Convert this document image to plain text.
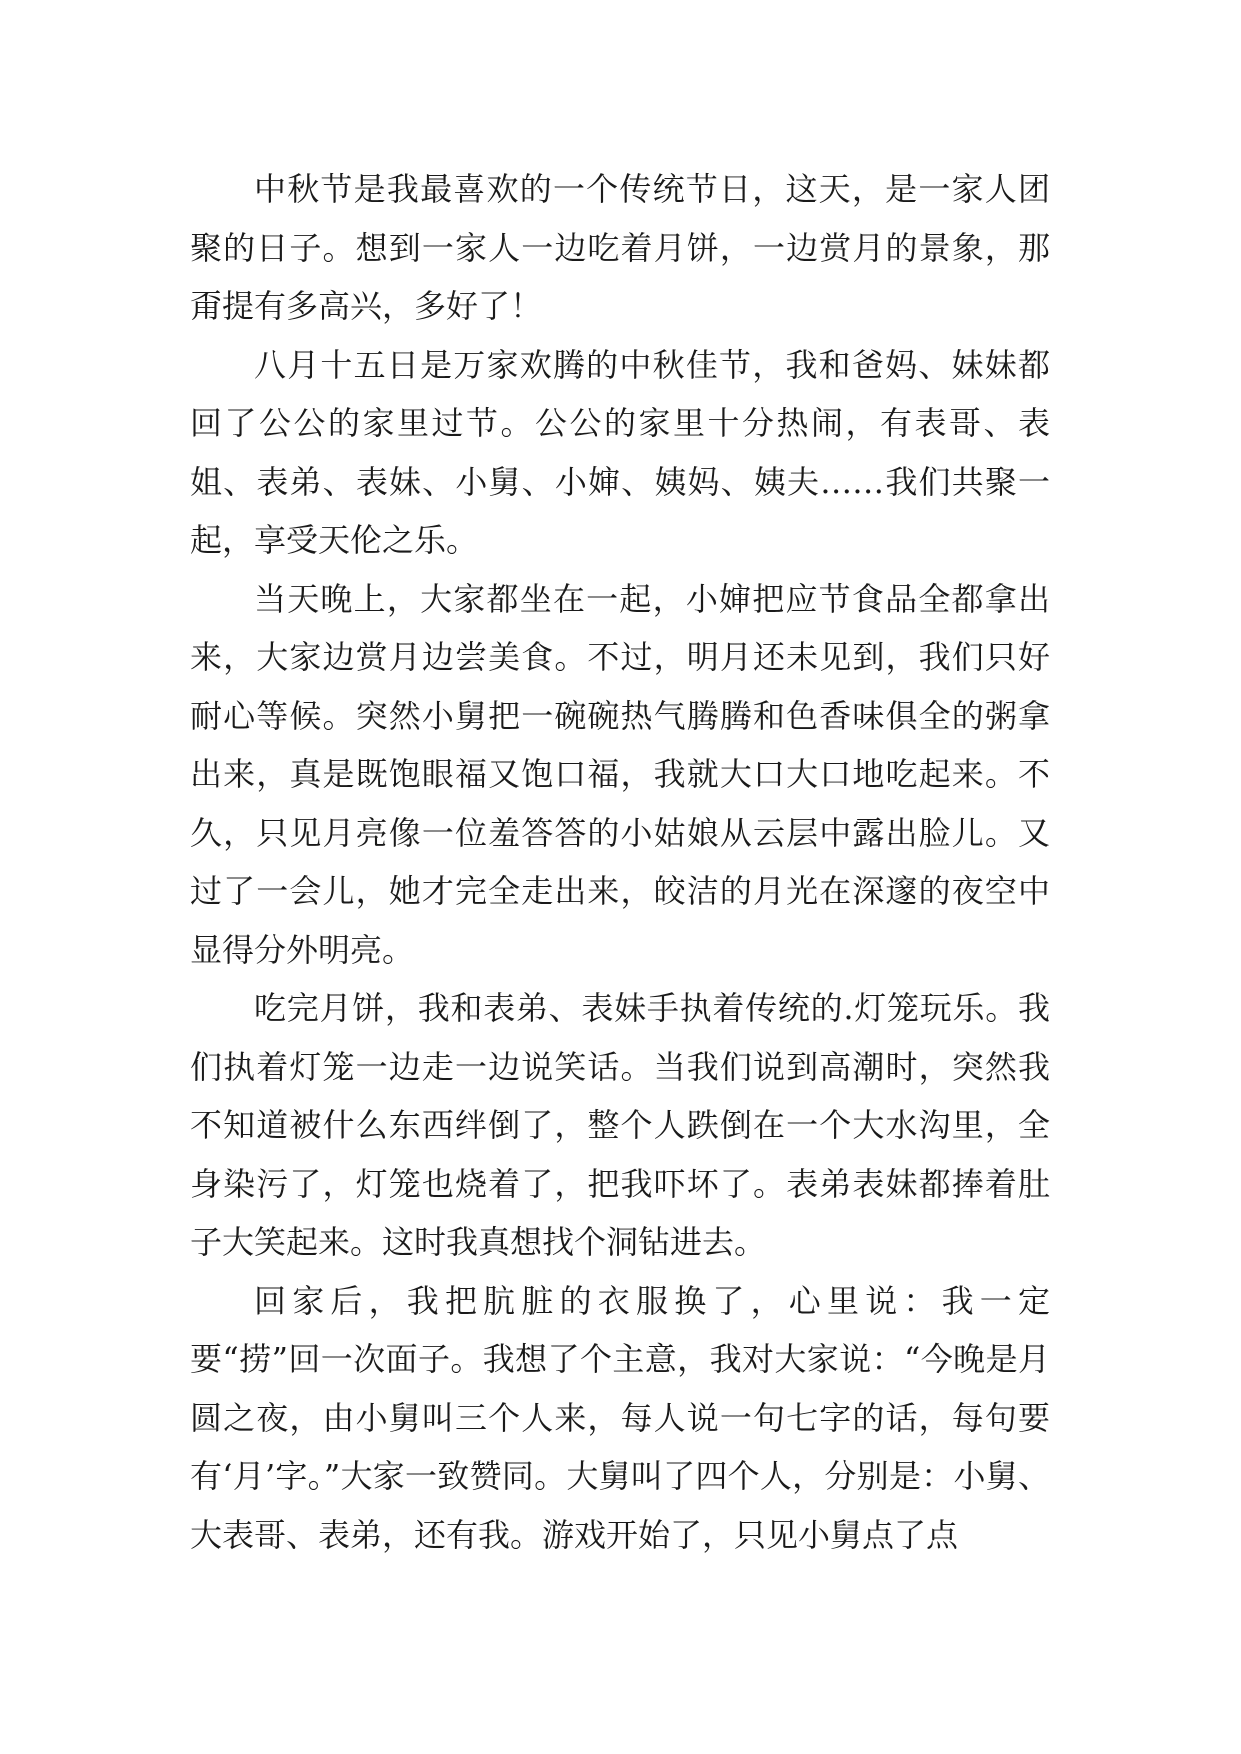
中秋节是我最喜欢的一个传统节日，这天，是一家人团聚的日子。想到一家人一边吃着月饼，一边赏月的景象，那甭提有多高兴，多好了！

八月十五日是万家欢腾的中秋佳节，我和爸妈、妹妹都回了公公的家里过节。公公的家里十分热闹，有表哥、表姐、表弟、表妹、小舅、小婶、姨妈、姨夫……我们共聚一起，享受天伦之乐。

当天晚上，大家都坐在一起，小婶把应节食品全都拿出来，大家边赏月边尝美食。不过，明月还未见到，我们只好耐心等候。突然小舅把一碗碗热气腾腾和色香味俱全的粥拿出来，真是既饱眼福又饱口福，我就大口大口地吃起来。不久，只见月亮像一位羞答答的小姑娘从云层中露出脸儿。又过了一会儿，她才完全走出来，皎洁的月光在深邃的夜空中显得分外明亮。

吃完月饼，我和表弟、表妹手执着传统的.灯笼玩乐。我们执着灯笼一边走一边说笑话。当我们说到高潮时，突然我不知道被什么东西绊倒了，整个人跌倒在一个大水沟里，全身染污了，灯笼也烧着了，把我吓坏了。表弟表妹都捧着肚子大笑起来。这时我真想找个洞钻进去。

回家后，我把肮脏的衣服换了，心里说：我一定要“捞”回一次面子。我想了个主意，我对大家说：“今晚是月圆之夜，由小舅叫三个人来，每人说一句七字的话，每句要有‘月’字。”大家一致赞同。大舅叫了四个人，分别是：小舅、大表哥、表弟，还有我。游戏开始了，只见小舅点了点
